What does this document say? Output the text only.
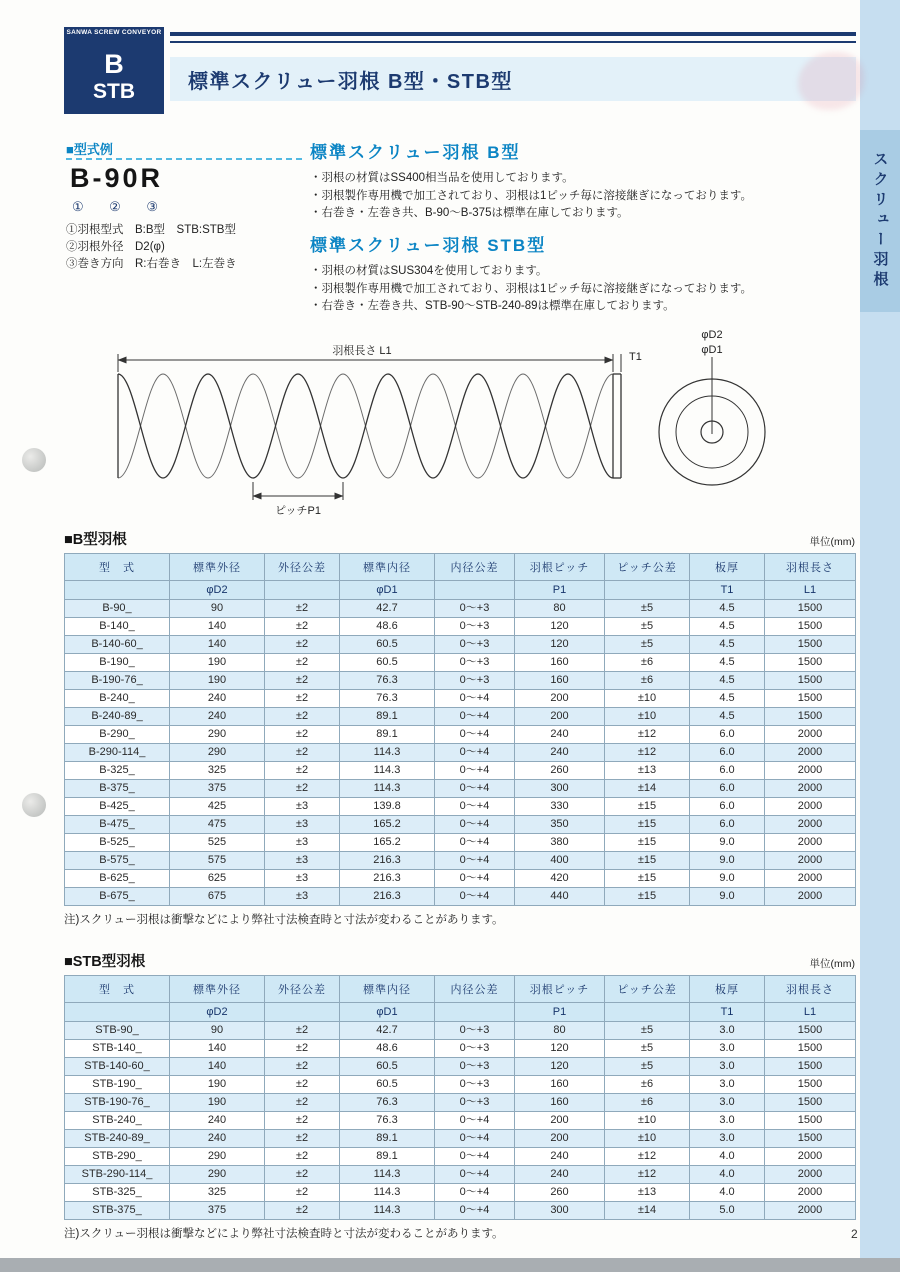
スクリュー羽根
SANWA SCREW CONVEYOR
B
STB	標準スクリュー羽根 B型・STB型
■型式例
B-90R
① ② ③
①羽根型式　B:B型　STB:STB型
②羽根外径　D2(φ)
③巻き方向　R:右巻き　L:左巻き
標準スクリュー羽根 B型
・羽根の材質はSS400相当品を使用しております。
・羽根製作専用機で加工されており、羽根は1ピッチ毎に溶接継ぎになっております。
・右巻き・左巻き共、B-90〜B-375は標準在庫しております。
標準スクリュー羽根 STB型
・羽根の材質はSUS304を使用しております。
・羽根製作専用機で加工されており、羽根は1ピッチ毎に溶接継ぎになっております。
・右巻き・左巻き共、STB-90〜STB-240-89は標準在庫しております。
羽根長さ L1	T1
ピッチP1
φD2
φD1
■B型羽根	単位(mm)
型　式	標準外径	外径公差	標準内径	内径公差	羽根ピッチ	ピッチ公差	板厚	羽根長さ
	φD2		φD1		P1		T1	L1
B-90_	90	±2	42.7	0〜+3	80	±5	4.5	1500
B-140_	140	±2	48.6	0〜+3	120	±5	4.5	1500
B-140-60_	140	±2	60.5	0〜+3	120	±5	4.5	1500
B-190_	190	±2	60.5	0〜+3	160	±6	4.5	1500
B-190-76_	190	±2	76.3	0〜+3	160	±6	4.5	1500
B-240_	240	±2	76.3	0〜+4	200	±10	4.5	1500
B-240-89_	240	±2	89.1	0〜+4	200	±10	4.5	1500
B-290_	290	±2	89.1	0〜+4	240	±12	6.0	2000
B-290-114_	290	±2	114.3	0〜+4	240	±12	6.0	2000
B-325_	325	±2	114.3	0〜+4	260	±13	6.0	2000
B-375_	375	±2	114.3	0〜+4	300	±14	6.0	2000
B-425_	425	±3	139.8	0〜+4	330	±15	6.0	2000
B-475_	475	±3	165.2	0〜+4	350	±15	6.0	2000
B-525_	525	±3	165.2	0〜+4	380	±15	9.0	2000
B-575_	575	±3	216.3	0〜+4	400	±15	9.0	2000
B-625_	625	±3	216.3	0〜+4	420	±15	9.0	2000
B-675_	675	±3	216.3	0〜+4	440	±15	9.0	2000
注)スクリュー羽根は衝撃などにより弊社寸法検査時と寸法が変わることがあります。
■STB型羽根	単位(mm)
型　式	標準外径	外径公差	標準内径	内径公差	羽根ピッチ	ピッチ公差	板厚	羽根長さ
	φD2		φD1		P1		T1	L1
STB-90_	90	±2	42.7	0〜+3	80	±5	3.0	1500
STB-140_	140	±2	48.6	0〜+3	120	±5	3.0	1500
STB-140-60_	140	±2	60.5	0〜+3	120	±5	3.0	1500
STB-190_	190	±2	60.5	0〜+3	160	±6	3.0	1500
STB-190-76_	190	±2	76.3	0〜+3	160	±6	3.0	1500
STB-240_	240	±2	76.3	0〜+4	200	±10	3.0	1500
STB-240-89_	240	±2	89.1	0〜+4	200	±10	3.0	1500
STB-290_	290	±2	89.1	0〜+4	240	±12	4.0	2000
STB-290-114_	290	±2	114.3	0〜+4	240	±12	4.0	2000
STB-325_	325	±2	114.3	0〜+4	260	±13	4.0	2000
STB-375_	375	±2	114.3	0〜+4	300	±14	5.0	2000
注)スクリュー羽根は衝撃などにより弊社寸法検査時と寸法が変わることがあります。	2
